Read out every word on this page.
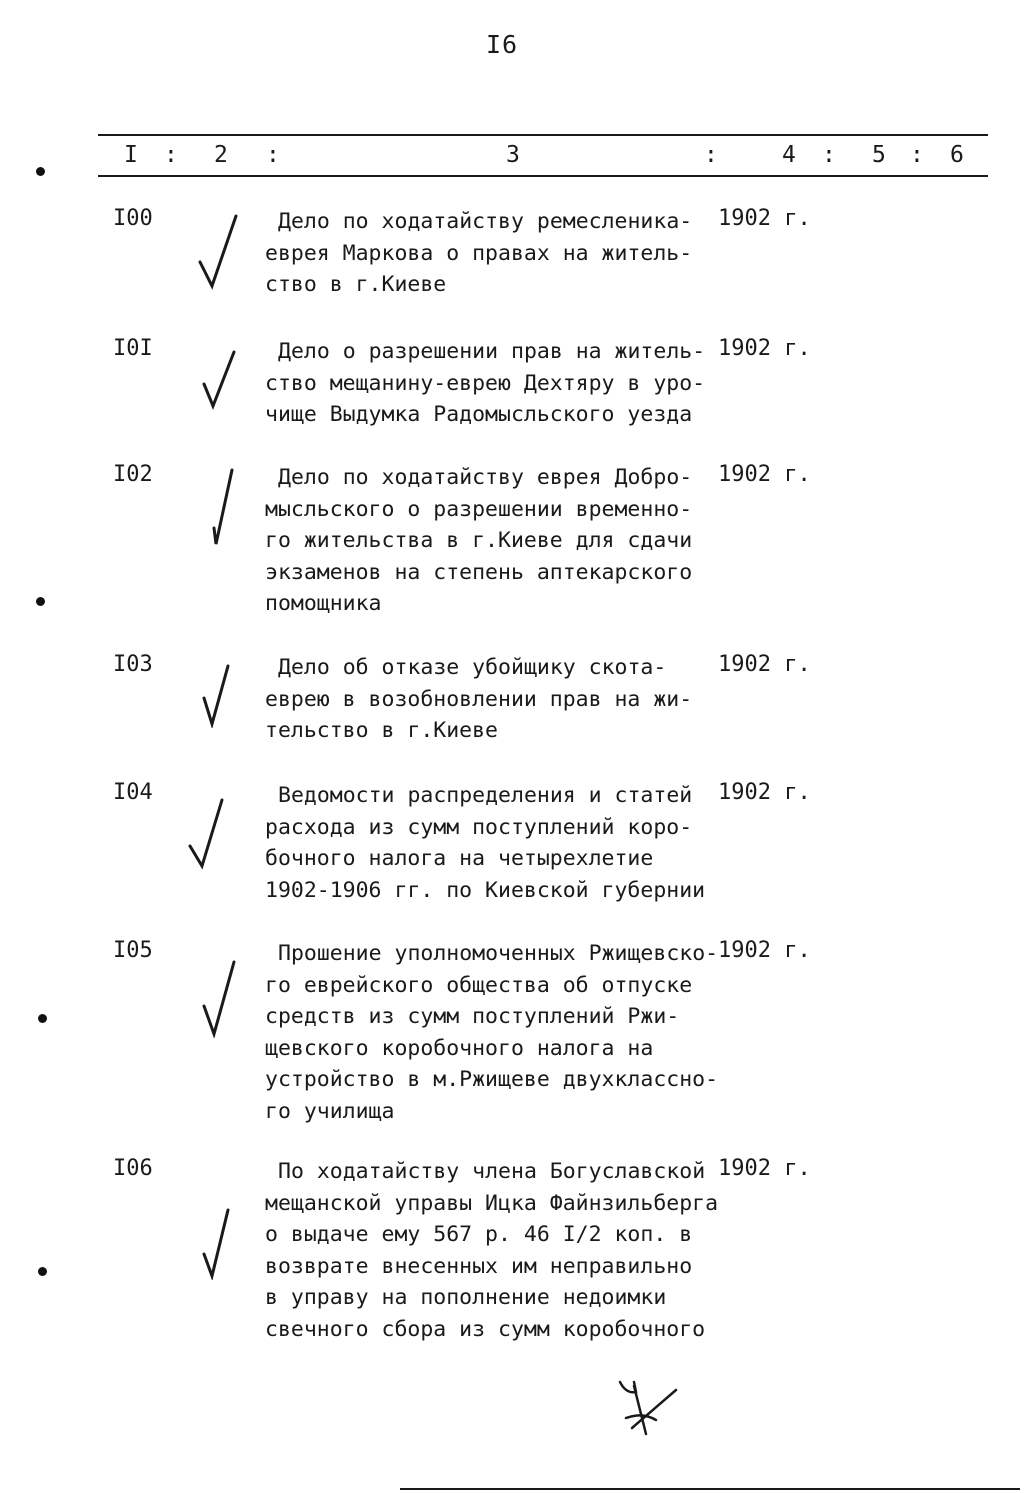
I6
I : 2 :	3	:	4 : 5 : 6
I00	Дело по ходатайству ремесленика-
еврея Маркова о правах на житель-
ство в г.Киеве
1902 г.
I0I	Дело о разрешении прав на житель-
ство мещанину-еврею Дехтяру в уро-
чище Выдумка Радомысльского уезда
1902 г.
I02	Дело по ходатайству еврея Добро-
мысльского о разрешении временно-
го жительства в г.Киеве для сдачи
экзаменов на степень аптекарского
помощника
1902 г.
I03	Дело об отказе убойщику скота-
еврею в возобновлении прав на жи-
тельство в г.Киеве
1902 г.
I04	Ведомости распределения и статей
расхода из сумм поступлений коро-
бочного налога на четырехлетие
1902-1906 гг. по Киевской губернии
1902 г.
I05	Прошение уполномоченных Ржищевско-
го еврейского общества об отпуске
средств из сумм поступлений Ржи-
щевского коробочного налога на
устройство в м.Ржищеве двухклассно-
го училища
1902 г.
I06	По ходатайству члена Богуславской
мещанской управы Ицка Файнзильберга
о выдаче ему 567 р. 46 I/2 коп. в
возврате внесенных им неправильно
в управу на пополнение недоимки
свечного сбора из сумм коробочного
1902 г.
